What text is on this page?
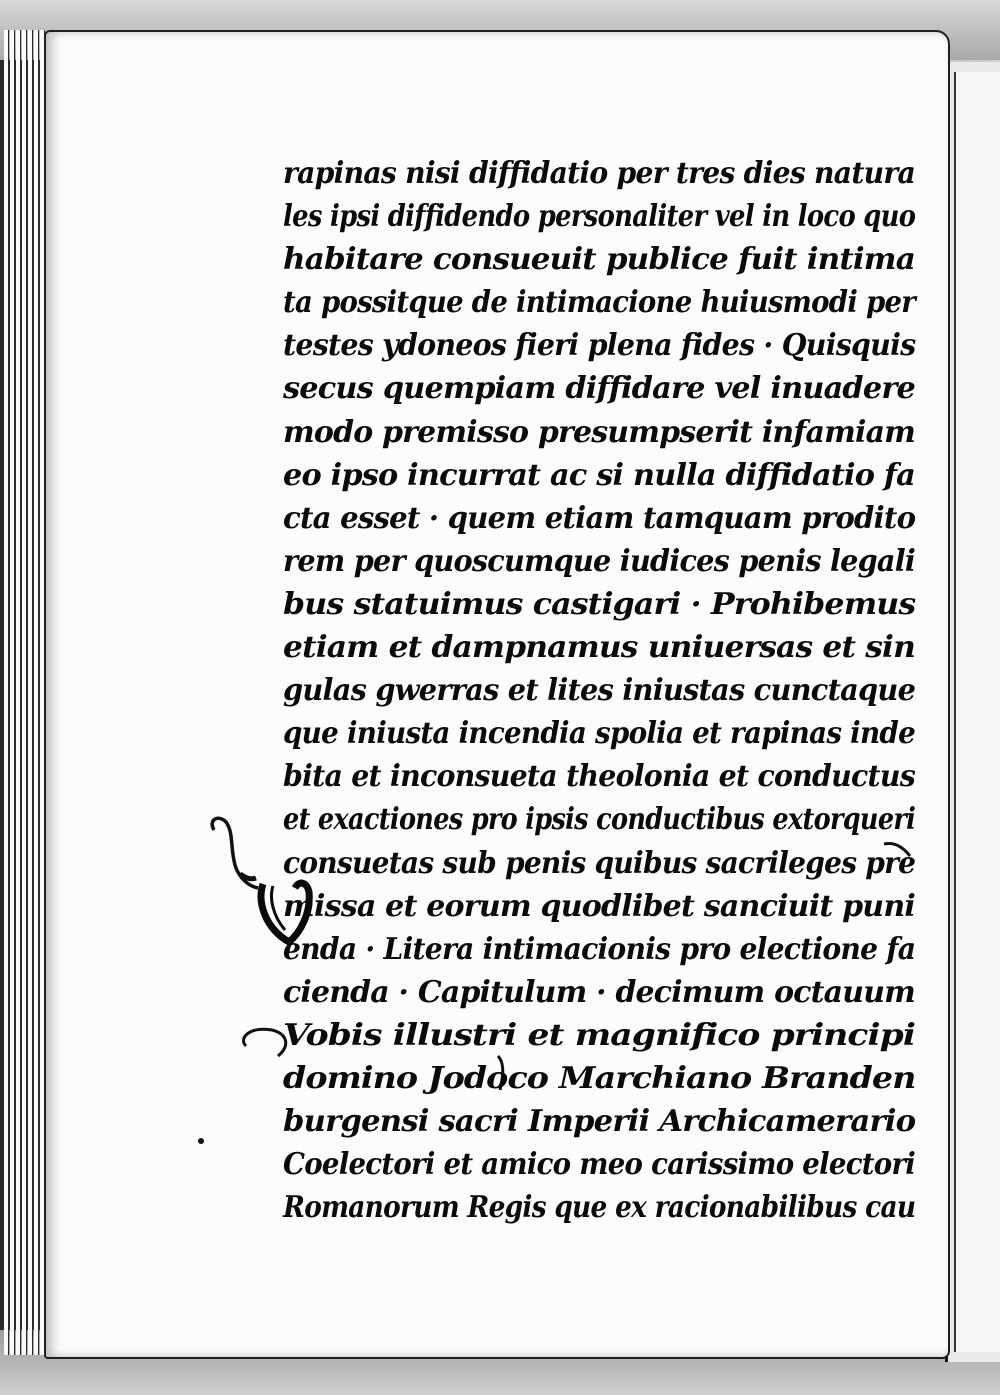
rapinas nisi diffidatio per tres dies natura
les ipsi diffidendo personaliter vel in loco quo
habitare consueuit publice fuit intima
ta possitque de intimacione huiusmodi per
testes ydoneos fieri plena fides · Quisquis
secus quempiam diffidare vel inuadere
modo premisso presumpserit infamiam
eo ipso incurrat ac si nulla diffidatio fa
cta esset · quem etiam tamquam prodito
rem per quoscumque iudices penis legali
bus statuimus castigari · Prohibemus
etiam et dampnamus uniuersas et sin
gulas gwerras et lites iniustas cunctaque
que iniusta incendia spolia et rapinas inde
bita et inconsueta theolonia et conductus
et exactiones pro ipsis conductibus extorqueri
consuetas sub penis quibus sacrileges pre
missa et eorum quodlibet sanciuit puni
enda · Litera intimacionis pro electione fa
cienda · Capitulum · decimum octauum
Vobis illustri et magnifico principi
domino Jodoco Marchiano Branden
burgensi sacri Imperii Archicamerario
Coelectori et amico meo carissimo electori
Romanorum Regis que ex racionabilibus cau
